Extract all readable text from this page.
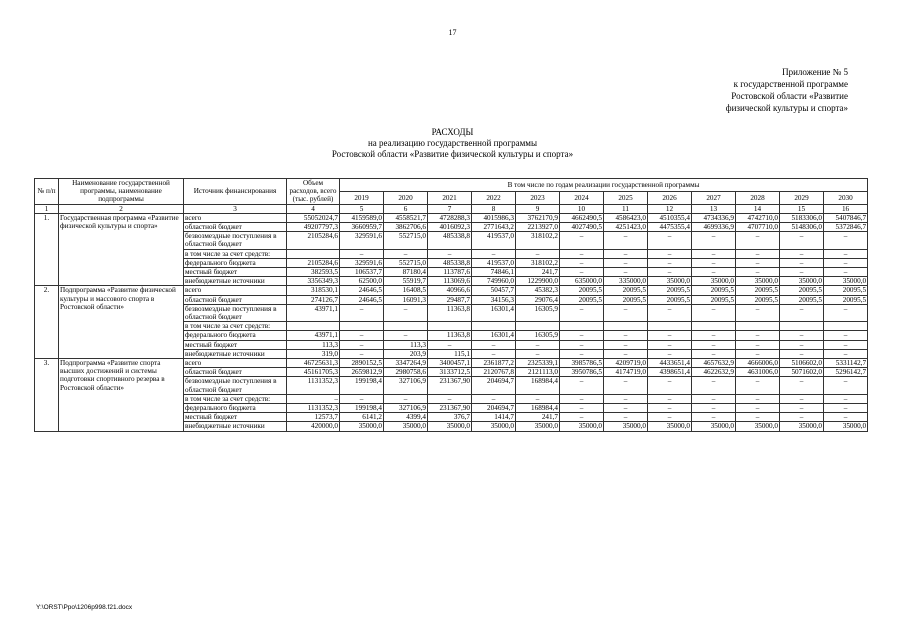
17
Приложение № 5
к государственной программе
Ростовской области «Развитие
физической культуры и спорта»
РАСХОДЫ
на реализацию государственной программы
Ростовской области «Развитие физической культуры и спорта»
№ п/п	Наименование государственной программы, наименование подпрограммы	Источник финансирования	Объем расходов, всего (тыс. рублей)	В том числе по годам реализации государственной программы											
				2019	2020	2021	2022	2023	2024	2025	2026	2027	2028	2029	2030
1	2	3	4	5	6	7	8	9	10	11	12	13	14	15	16
1.	Государственная программа «Развитие физической культуры и спорта»	всего	55052024,7	4159589,0	4558521,7	4728288,3	4015986,3	3762170,9	4662490,5	4586423,0	4510355,4	4734336,9	4742710,0	5183306,0	5407846,7
		областной бюджет	49207797,3	3660959,7	3862706,6	4016092,3	2771643,2	2213927,0	4027490,5	4251423,0	4475355,4	4699336,9	4707710,0	5148306,0	5372846,7
		безвозмездные поступления в областной бюджет	2105284,6	329591,6	552715,0	485338,8	419537,0	318102,2	–	–	–	–	–	–	–
		в том числе за счет средств:		–	–	–	–	–	–	–	–	–	–	–	–
		федерального бюджета	2105284,6	329591,6	552715,0	485338,8	419537,0	318102,2	–	–	–	–	–	–	–
		местный бюджет	382593,5	106537,7	87180,4	113787,6	74846,1	241,7	–	–	–	–	–	–	–
		внебюджетные источники	3356349,3	62500,0	55919,7	113069,6	749960,0	1229900,0	635000,0	335000,0	35000,0	35000,0	35000,0	35000,0	35000,0
2.	Подпрограмма «Развитие физической культуры и массового спорта в Ростовской области»	всего	318530,1	24646,5	16408,5	40966,6	50457,7	45382,3	20095,5	20095,5	20095,5	20095,5	20095,5	20095,5	20095,5
		областной бюджет	274126,7	24646,5	16091,3	29487,7	34156,3	29076,4	20095,5	20095,5	20095,5	20095,5	20095,5	20095,5	20095,5
		безвозмездные поступления в областной бюджет	43971,1	–	–	11363,8	16301,4	16305,9	–	–	–	–	–	–	–
		в том числе за счет средств:													
		федерального бюджета	43971,1	–	–	11363,8	16301,4	16305,9	–	–	–	–	–	–	–
		местный бюджет	113,3	–	113,3	–	–	–	–	–	–	–	–	–	–
		внебюджетные источники	319,0	–	203,9	115,1	–	–	–	–	–	–	–	–	–
3.	Подпрограмма «Развитие спорта высших достижений и системы подготовки спортивного резерва в Ростовской области»	всего	46725631,3	2890152,5	3347264,9	3400457,1	2361877,2	2325339,1	3985786,5	4209719,0	4433651,4	4657632,9	4666006,0	5106602,0	5331142,7
		областной бюджет	45161705,3	2659812,9	2980758,6	3133712,5	2120767,8	2121113,0	3950786,5	4174719,0	4398651,4	4622632,9	4631006,0	5071602,0	5296142,7
		безвозмездные поступления в областной бюджет	1131352,3	199198,4	327106,9	231367,90	204694,7	168984,4	–	–	–	–	–	–	–
		в том числе за счет средств:	–	–	–	–	–	–	–	–	–	–	–	–	–
		федерального бюджета	1131352,3	199198,4	327106,9	231367,90	204694,7	168984,4	–	–	–	–	–	–	–
		местный бюджет	12573,7	6141,2	4399,4	376,7	1414,7	241,7	–	–	–	–	–	–	–
		внебюджетные источники	420000,0	35000,0	35000,0	35000,0	35000,0	35000,0	35000,0	35000,0	35000,0	35000,0	35000,0	35000,0	35000,0
Y:\ORST\Ppo\1206p998.f21.docx
